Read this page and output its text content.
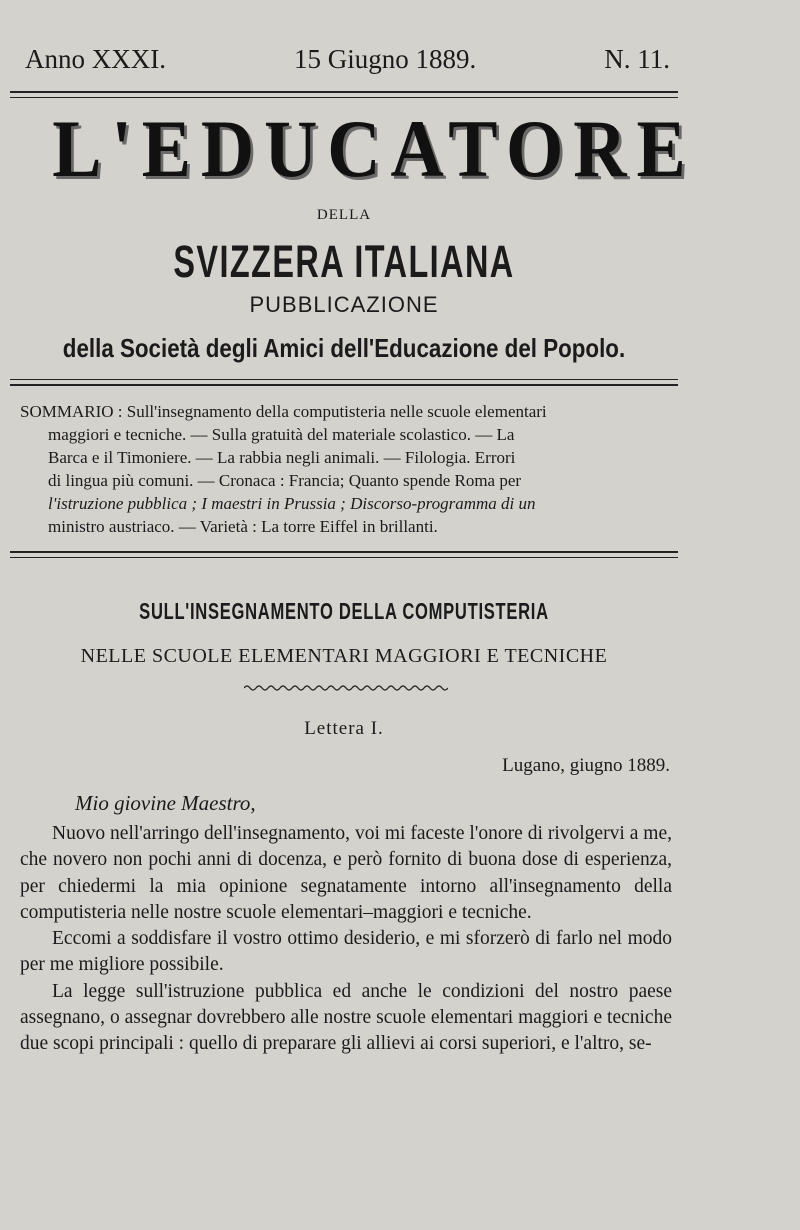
Anno XXXI.	15 Giugno 1889.	N. 11.
L'EDUCATORE
DELLA
SVIZZERA ITALIANA
PUBBLICAZIONE
della Società degli Amici dell'Educazione del Popolo.
SOMMARIO : Sull'insegnamento della computisteria nelle scuole elementari
maggiori e tecniche. — Sulla gratuità del materiale scolastico. — La
Barca e il Timoniere. — La rabbia negli animali. — Filologia. Errori
di lingua più comuni. — Cronaca : Francia; Quanto spende Roma per
l'istruzione pubblica ; I maestri in Prussia ; Discorso-programma di un
ministro austriaco. — Varietà : La torre Eiffel in brillanti.
SULL'INSEGNAMENTO DELLA COMPUTISTERIA
NELLE SCUOLE ELEMENTARI MAGGIORI E TECNICHE
Lettera I.
Lugano, giugno 1889.
Mio giovine Maestro,

Nuovo nell'arringo dell'insegnamento, voi mi faceste l'onore di rivolgervi a me, che novero non pochi anni di docenza, e però fornito di buona dose di esperienza, per chiedermi la mia opinione segnatamente intorno all'insegnamento della computisteria nelle nostre scuole elementari–maggiori e tecniche.

Eccomi a soddisfare il vostro ottimo desiderio, e mi sforzerò di farlo nel modo per me migliore possibile.

La legge sull'istruzione pubblica ed anche le condizioni del nostro paese assegnano, o assegnar dovrebbero alle nostre scuole elementari maggiori e tecniche due scopi principali : quello di preparare gli allievi ai corsi superiori, e l'altro, se-
